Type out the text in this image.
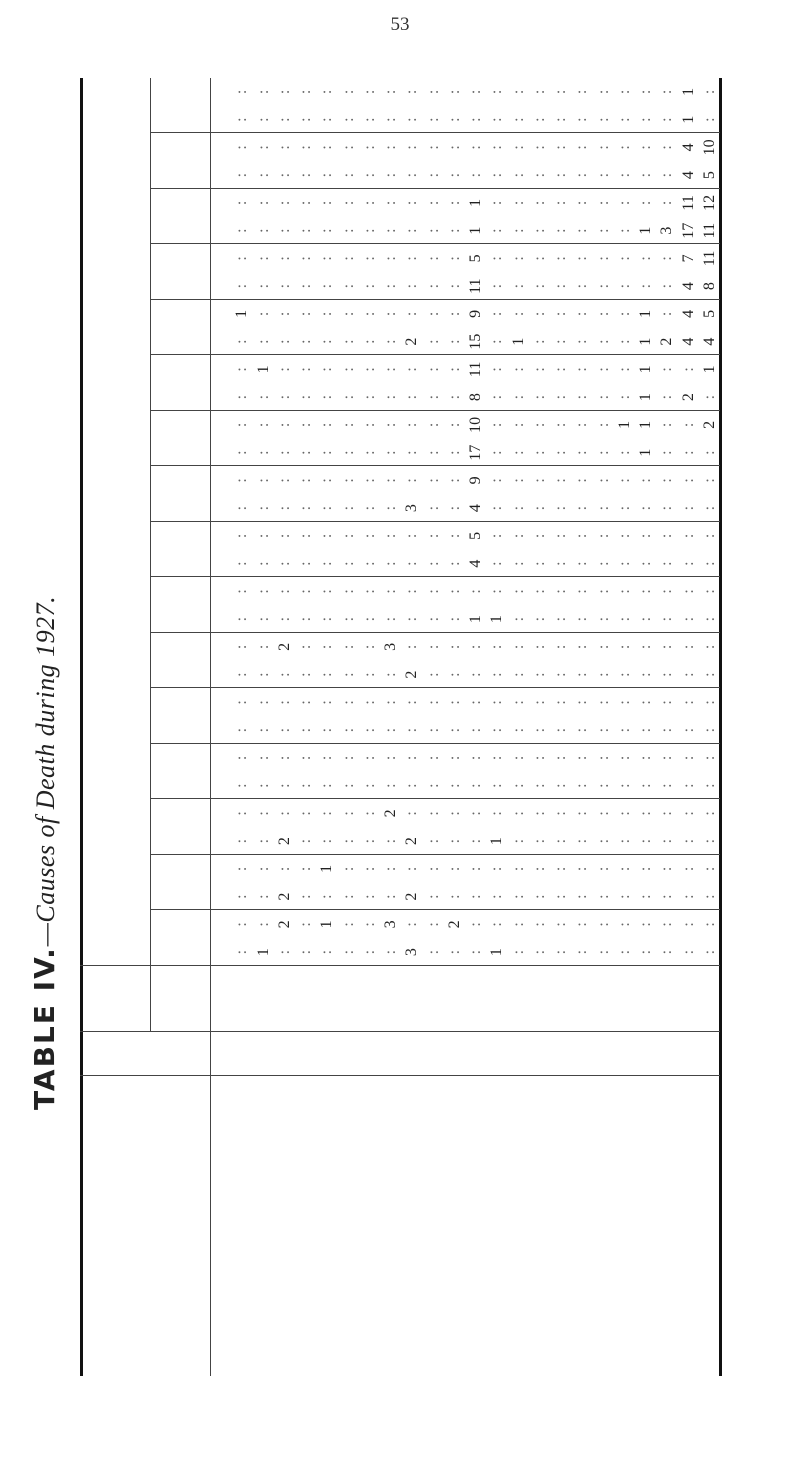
53
TABLE IV.—Causes of Death during 1927.
:
:
:
:
:
:
:
:
:
:
:
:
:
:
:
:
:
:
:
:
:
:
:
1
:
:
:
:
:
:
:
:
1
:
:
:
:
:
:
:
:
:
:
:
:
:
:
:
:
:
:
:
:
1
:
:
:
:
:
:
:
:
:
:
:
2
2
:
2
:
:
:
:
:
:
2
:
:
:
:
:
:
:
:
:
:
:
:
:
:
:
:
:
:
:
:
:
:
:
:
:
:
:
:
:
:
:
:
:
:
:
:
:
:
:
:
:
:
:
:
:
:
:
:
:
:
:
:
:
1
:
1
:
:
:
:
:
:
:
:
:
:
:
:
:
:
:
:
:
:
:
:
:
:
:
:
:
:
:
:
:
:
:
:
:
:
:
:
:
:
:
:
:
:
:
:
:
:
:
:
:
:
:
:
:
:
:
:
:
:
:
:
:
:
:
:
:
:
:
:
:
:
:
:
:
:
:
:
:
:
:
:
:
:
:
:
:
:
:
:
:
:
:
:
:
3
:
:
:
2
:
:
:
:
:
3
:
:
:
:
:
:
:
:
:
:
:
:
:
:
:
:
:
:
:
:
3
:
2
:
2
:
:
:
:
:
2
:
:
:
:
:
3
:
:
:
:
:
2
:
:
:
:
:
:
:
:
:
:
:
:
:
:
:
:
:
:
:
:
:
:
:
:
:
:
:
:
:
:
:
:
:
:
:
:
:
:
:
:
:
:
2
:
:
:
:
:
:
:
:
:
:
:
:
:
:
:
:
:
:
:
:
:
:
:
:
:
:
:
:
:
:
:
:
:
:
:
:
:
:
:
:
:
:
1
:
4
5
4
9
17
10
8
11
15
9
11
5
1
1
:
:
:
:
1
:
:
:
1
:
:
:
:
:
:
:
1
:
:
:
:
:
:
:
:
:
:
:
:
:
:
:
:
:
:
:
:
:
:
:
:
:
:
:
:
:
:
:
:
:
:
:
:
:
:
:
:
:
1
:
:
:
:
:
:
:
:
:
:
:
:
:
:
:
:
:
:
:
:
:
:
:
:
:
:
:
:
:
:
:
:
:
:
:
:
:
:
:
:
:
:
:
:
:
:
:
:
:
:
:
:
:
:
:
:
:
:
:
:
:
:
:
:
:
:
:
:
:
:
:
:
:
:
:
:
:
:
:
:
:
:
:
:
:
:
:
:
:
:
:
:
:
:
:
:
:
:
:
:
:
:
:
:
:
:
:
:
:
:
:
:
:
:
:
:
:
:
:
:
:
:
:
:
:
:
:
:
:
:
:
:
:
:
:
:
:
:
:
:
:
:
:
:
:
:
:
:
:
:
:
:
:
:
:
:
1
:
:
:
:
:
:
:
:
:
:
:
:
:
:
:
:
:
:
:
:
:
:
:
:
:
:
:
:
:
:
1
1
1
1
1
1
:
:
1
:
:
:
:
:
:
:
:
:
:
:
:
:
:
:
:
:
:
:
:
:
:
:
:
:
:
:
2
:
:
:
3
:
:
:
:
:
:
:
:
:
:
:
:
:
:
:
:
:
:
:
:
:
:
:
:
:
2
:
4
4
4
7
17
11
4
4
1
1
:
:
:
:
:
:
:
:
:
:
:
:
:
:
:
:
:
:
:
2
:
1
4
5
8
11
11
12
5
10
:
:
